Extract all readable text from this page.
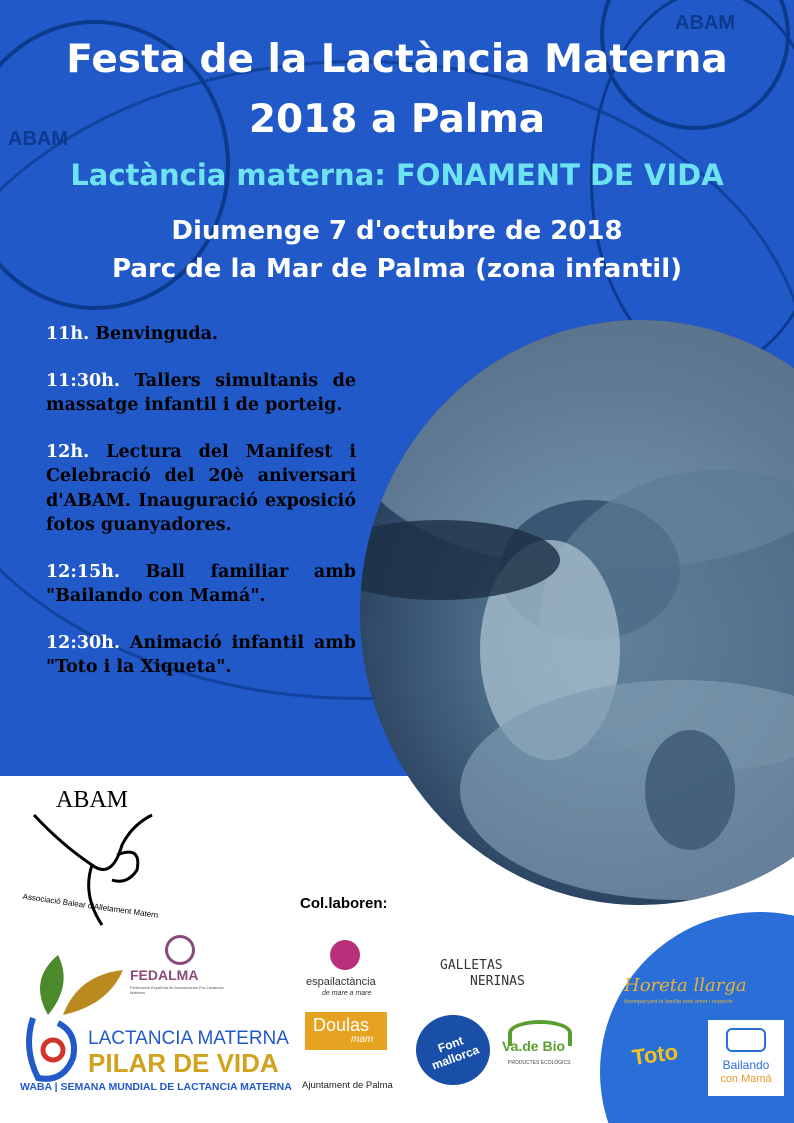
ABAM
ABAM
Festa de la Lactància Materna
2018 a Palma
Lactància materna: FONAMENT DE VIDA
Diumenge 7 d'octubre de 2018
Parc de la Mar de Palma (zona infantil)

11h. Benvinguda.

11:30h. Tallers simultanis de massatge infantil i de porteig.

12h. Lectura del Manifest i Celebració del 20è aniversari d'ABAM. Inauguració exposició fotos guanyadores.

12:15h. Ball familiar amb "Bailando con Mamá".

12:30h. Animació infantil amb "Toto i la Xiqueta".

ABAM
Associació Balear d'Alletament Matern	Col.laboren:
FEDALMA
Federación Española de Asociaciones Pro-Lactancia Materna
LACTANCIA MATERNA
PILAR DE VIDA
WABA | SEMANA MUNDIAL DE LACTANCIA MATERNA
espailactància
de mare a mare
Doulas
mam
Ajuntament de Palma
GALLETAS
NERINAS
Font mallorca	Va.de Bio
PRODUCTES ECOLÒGICS
Horeta llarga
Acompanyant la família amb amor i respecte
Toto	Bailando
con Mamá
